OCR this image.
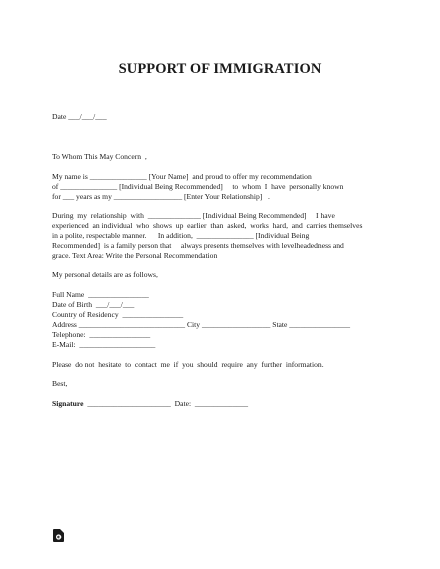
SUPPORT OF IMMIGRATION
Date ___/___/___
To Whom This May Concern  ,
My name is _______________ [Your Name]  and proud to offer my recommendation
of _______________ [Individual Being Recommended]     to  whom  I  have  personally known
for ___ years as my __________________ [Enter Your Relationship]   .
During  my  relationship  with  ______________ [Individual Being Recommended]     I have
experienced  an individual  who  shows  up  earlier  than  asked,  works  hard,  and  carries themselves
in a polite, respectable manner.      In addition,  _______________ [Individual Being
Recommended]  is a family person that     always presents themselves with levelheadedness and
grace. Text Area: Write the Personal Recommendation
My personal details are as follows,
Full Name  ________________
Date of Birth  ___/___/___
Country of Residency  ________________
Address ____________________________ City __________________ State ________________
Telephone:  ________________
E-Mail:  ____________________
Please  do not  hesitate  to  contact  me  if  you  should  require  any  further  information.
Best,
Signature  ______________________  Date:  ______________
